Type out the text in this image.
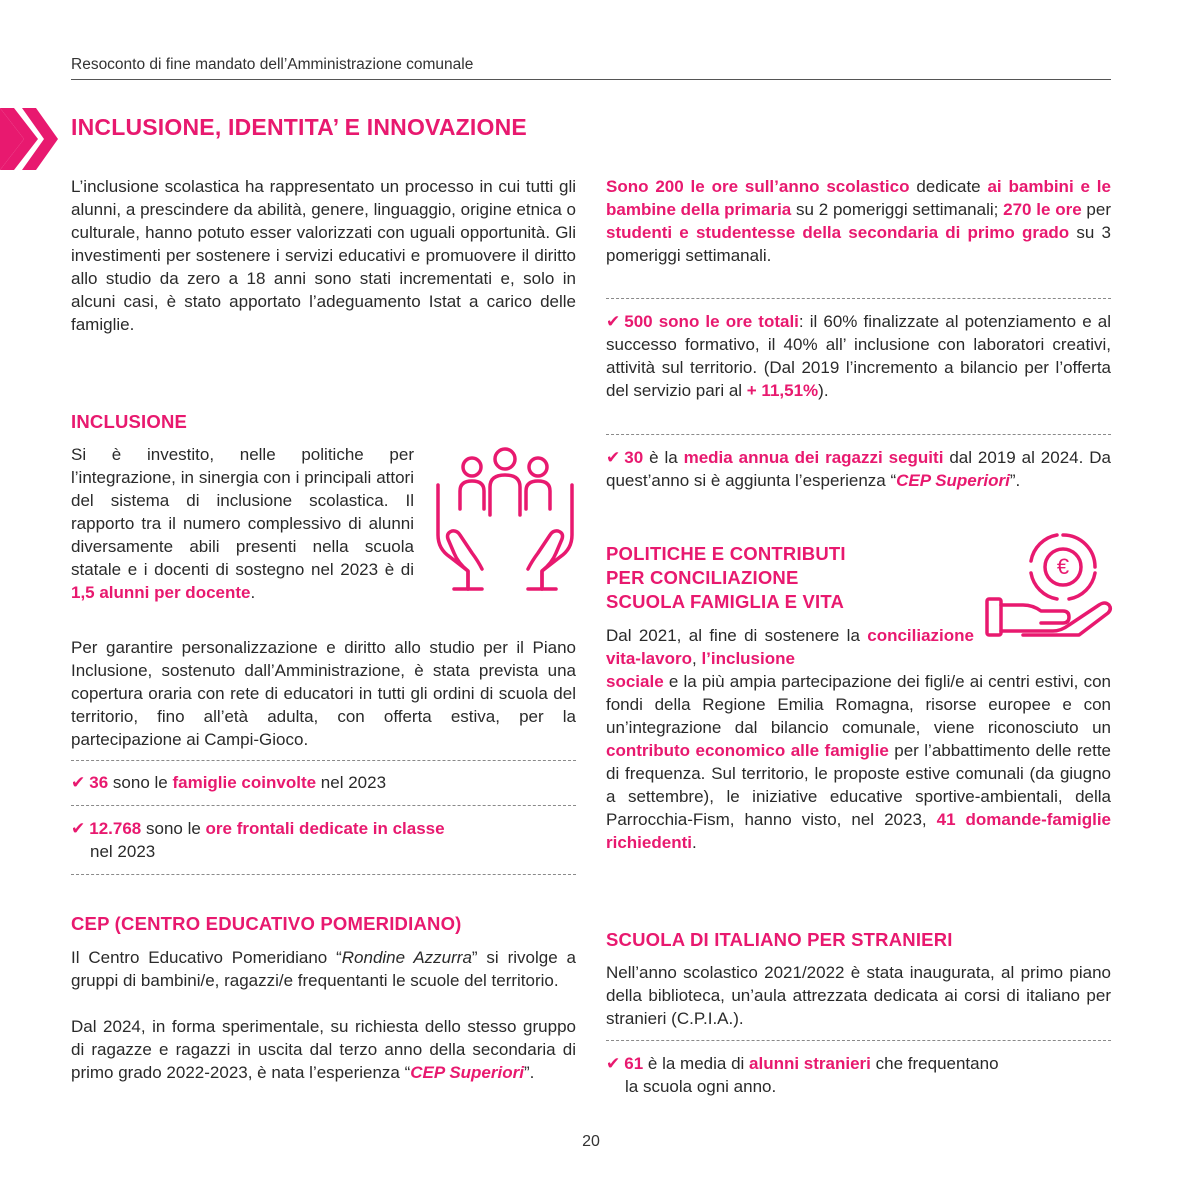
Resoconto di fine mandato dell’Amministrazione comunale
INCLUSIONE, IDENTITA’ E INNOVAZIONE
L’inclusione scolastica ha rappresentato un processo in cui tutti gli alunni, a prescindere da abilità, genere, linguaggio, origine etnica o culturale, hanno potuto esser valorizzati con uguali opportunità. Gli investimenti per sostenere i servizi educativi e promuovere il diritto allo studio da zero a 18 anni sono stati incrementati e, solo in alcuni casi, è stato apportato l’adeguamento Istat a carico delle famiglie.
INCLUSIONE
Si è investito, nelle politiche per l’integrazione, in sinergia con i principali attori del sistema di inclusione scolastica. Il rapporto tra il numero complessivo di alunni diversamente abili presenti nella scuola statale e i docenti di sostegno nel 2023 è di 1,5 alunni per docente.
Per garantire personalizzazione e diritto allo studio per il Piano Inclusione, sostenuto dall’Amministrazione, è stata prevista una copertura oraria con rete di educatori in tutti gli ordini di scuola del territorio, fino all’età adulta, con offerta estiva, per la partecipazione ai Campi-Gioco.
✔ 36 sono le famiglie coinvolte nel 2023
✔ 12.768 sono le ore frontali dedicate in classe
nel 2023
CEP (CENTRO EDUCATIVO POMERIDIANO)
Il Centro Educativo Pomeridiano “Rondine Azzurra” si rivolge a gruppi di bambini/e, ragazzi/e frequentanti le scuole del territorio.
Dal 2024, in forma sperimentale, su richiesta dello stesso gruppo di ragazze e ragazzi in uscita dal terzo anno della secondaria di primo grado 2022-2023, è nata l’esperienza “CEP Superiori”.
Sono 200 le ore sull’anno scolastico dedicate ai bambini e le bambine della primaria su 2 pomeriggi settimanali; 270 le ore per studenti e studentesse della secondaria di primo grado su 3 pomeriggi settimanali.
✔ 500 sono le ore totali: il 60% finalizzate al potenziamento e al successo formativo, il 40% all’ inclusione con laboratori creativi, attività sul territorio. (Dal 2019 l’incremento a bilancio per l’offerta del servizio pari al + 11,51%).
✔ 30 è la media annua dei ragazzi seguiti dal 2019 al 2024. Da quest’anno si è aggiunta l’esperienza “CEP Superiori”.
POLITICHE E CONTRIBUTI
PER CONCILIAZIONE
SCUOLA FAMIGLIA E VITA
€
Dal 2021, al fine di sostenere la conciliazione vita-lavoro, l’inclusione
sociale e la più ampia partecipazione dei figli/e ai centri estivi, con fondi della Regione Emilia Romagna, risorse europee e con un’integrazione dal bilancio comunale, viene riconosciuto un contributo economico alle famiglie per l’abbattimento delle rette di frequenza. Sul territorio, le proposte estive comunali (da giugno a settembre), le iniziative educative sportive-ambientali, della Parrocchia-Fism, hanno visto, nel 2023, 41 domande-famiglie richiedenti.
SCUOLA DI ITALIANO PER STRANIERI
Nell’anno scolastico 2021/2022 è stata inaugurata, al primo piano della biblioteca, un’aula attrezzata dedicata ai corsi di italiano per stranieri (C.P.I.A.).
✔ 61 è la media di alunni stranieri che frequentano
la scuola ogni anno.
20
